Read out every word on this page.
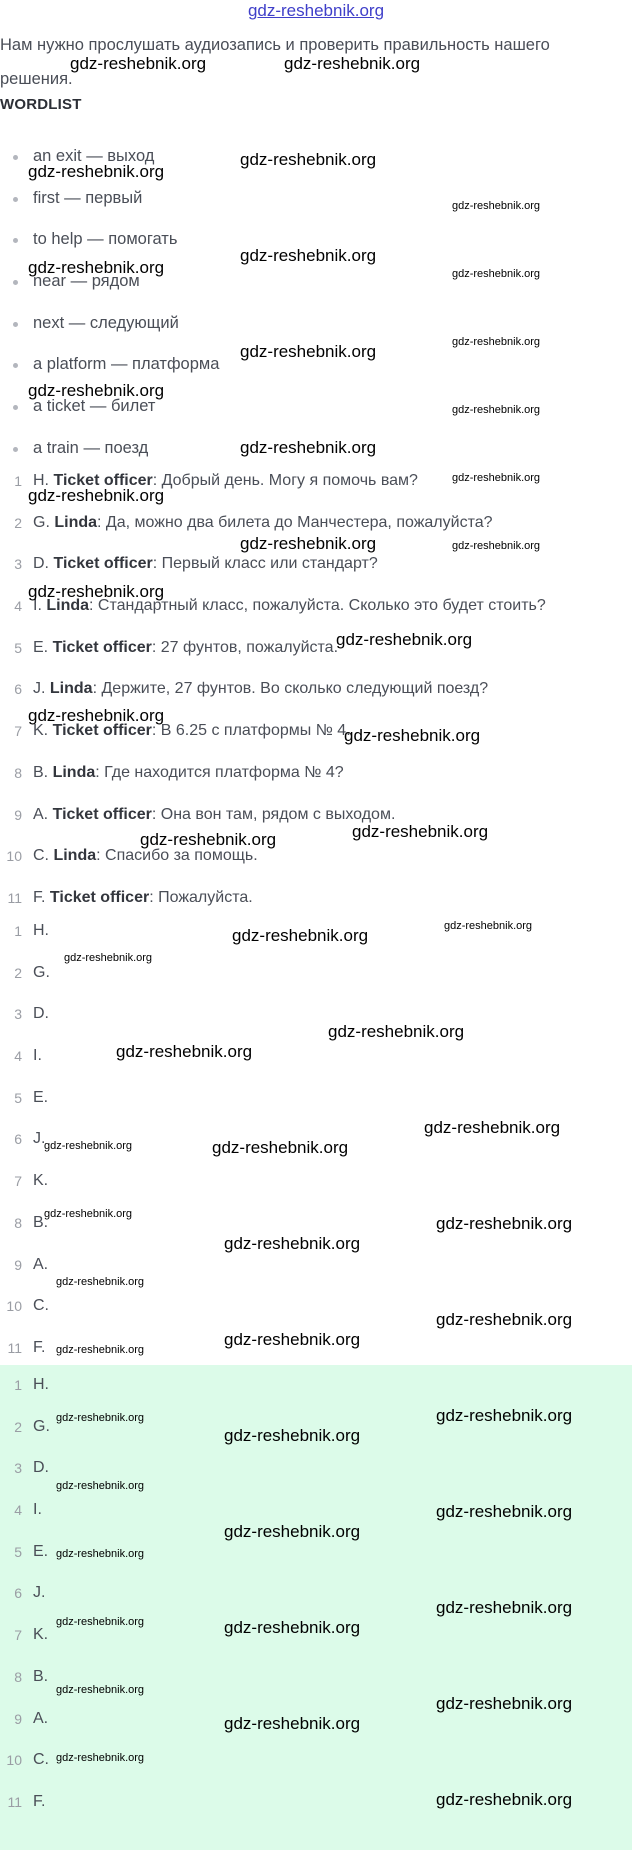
gdz-reshebnik.org

Нам нужно прослушать аудиозапись и проверить правильность нашего решения.

WORDLIST
an exit — выход
first — первый
to help — помогать
near — рядом
next — следующий
a platform — платформа
a ticket — билет
a train — поезд
1 H. Ticket officer: Добрый день. Могу я помочь вам?
2 G. Linda: Да, можно два билета до Манчестера, пожалуйста?
3 D. Ticket officer: Первый класс или стандарт?
4 I. Linda: Стандартный класс, пожалуйста. Сколько это будет стоить?
5 E. Ticket officer: 27 фунтов, пожалуйста.
6 J. Linda: Держите, 27 фунтов. Во сколько следующий поезд?
7 K. Ticket officer: В 6.25 с платформы № 4.
8 B. Linda: Где находится платформа № 4?
9 A. Ticket officer: Она вон там, рядом с выходом.
10 C. Linda: Спасибо за помощь.
11 F. Ticket officer: Пожалуйста.
1 H.
2 G.
3 D.
4 I.
5 E.
6 J.
7 K.
8 B.
9 A.
10 C.
11 F.
1 H.
2 G.
3 D.
4 I.
5 E.
6 J.
7 K.
8 B.
9 A.
10 C.
11 F.
gdz-reshebnik.org	gdz-reshebnik.org
gdz-reshebnik.org
gdz-reshebnik.org
gdz-reshebnik.org
gdz-reshebnik.org
gdz-reshebnik.org	gdz-reshebnik.org
gdz-reshebnik.org	gdz-reshebnik.org
gdz-reshebnik.org
gdz-reshebnik.org
gdz-reshebnik.org
gdz-reshebnik.org
gdz-reshebnik.org
gdz-reshebnik.org	gdz-reshebnik.org
gdz-reshebnik.org
gdz-reshebnik.org
gdz-reshebnik.org
gdz-reshebnik.org
gdz-reshebnik.org
gdz-reshebnik.org
gdz-reshebnik.org	gdz-reshebnik.org
gdz-reshebnik.org
gdz-reshebnik.org
gdz-reshebnik.org
gdz-reshebnik.org
gdz-reshebnik.org	gdz-reshebnik.org
gdz-reshebnik.org	gdz-reshebnik.org
gdz-reshebnik.org
gdz-reshebnik.org
gdz-reshebnik.org
gdz-reshebnik.org
gdz-reshebnik.org
gdz-reshebnik.org
gdz-reshebnik.org
gdz-reshebnik.org
gdz-reshebnik.org
gdz-reshebnik.org
gdz-reshebnik.org
gdz-reshebnik.org
gdz-reshebnik.org
gdz-reshebnik.org	gdz-reshebnik.org
gdz-reshebnik.org
gdz-reshebnik.org
gdz-reshebnik.org
gdz-reshebnik.org
gdz-reshebnik.org
